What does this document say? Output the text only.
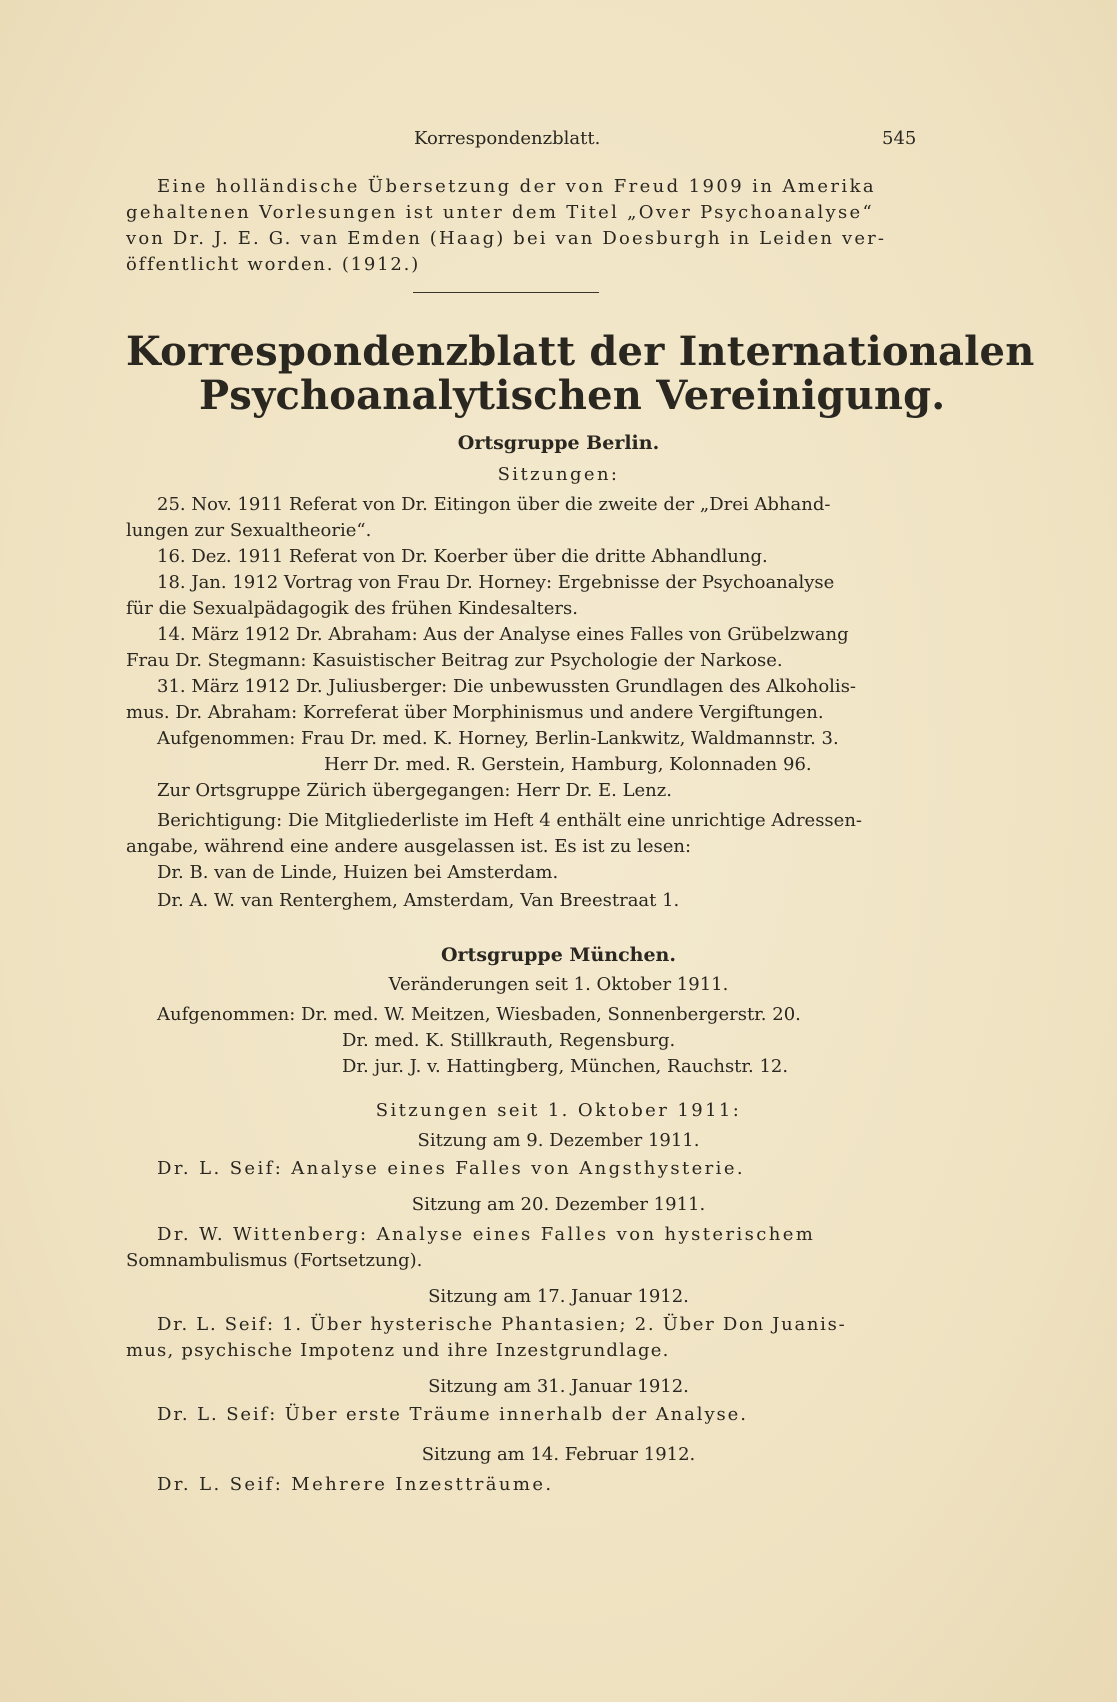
Korrespondenzblatt.	545
Eine holländische Übersetzung der von Freud 1909 in Amerika
gehaltenen Vorlesungen ist unter dem Titel „Over Psychoanalyse“
von Dr. J. E. G. van Emden (Haag) bei van Doesburgh in Leiden ver-
öffentlicht worden. (1912.)
Korrespondenzblatt der Internationalen
Psychoanalytischen Vereinigung.
Ortsgruppe Berlin.
Sitzungen:
25. Nov. 1911 Referat von Dr. Eitingon über die zweite der „Drei Abhand-
lungen zur Sexualtheorie“.
16. Dez. 1911 Referat von Dr. Koerber über die dritte Abhandlung.
18. Jan. 1912 Vortrag von Frau Dr. Horney: Ergebnisse der Psychoanalyse
für die Sexualpädagogik des frühen Kindesalters.
14. März 1912 Dr. Abraham: Aus der Analyse eines Falles von Grübelzwang
Frau Dr. Stegmann: Kasuistischer Beitrag zur Psychologie der Narkose.
31. März 1912 Dr. Juliusberger: Die unbewussten Grundlagen des Alkoholis-
mus. Dr. Abraham: Korreferat über Morphinismus und andere Vergiftungen.
Aufgenommen: Frau Dr. med. K. Horney, Berlin-Lankwitz, Waldmannstr. 3.
Herr Dr. med. R. Gerstein, Hamburg, Kolonnaden 96.
Zur Ortsgruppe Zürich übergegangen: Herr Dr. E. Lenz.
Berichtigung: Die Mitgliederliste im Heft 4 enthält eine unrichtige Adressen-
angabe, während eine andere ausgelassen ist. Es ist zu lesen:
Dr. B. van de Linde, Huizen bei Amsterdam.
Dr. A. W. van Renterghem, Amsterdam, Van Breestraat 1.
Ortsgruppe München.
Veränderungen seit 1. Oktober 1911.
Aufgenommen: Dr. med. W. Meitzen, Wiesbaden, Sonnenbergerstr. 20.
Dr. med. K. Stillkrauth, Regensburg.
Dr. jur. J. v. Hattingberg, München, Rauchstr. 12.
Sitzungen seit 1. Oktober 1911:
Sitzung am 9. Dezember 1911.
Dr. L. Seif: Analyse eines Falles von Angsthysterie.
Sitzung am 20. Dezember 1911.
Dr. W. Wittenberg: Analyse eines Falles von hysterischem
Somnambulismus (Fortsetzung).
Sitzung am 17. Januar 1912.
Dr. L. Seif: 1. Über hysterische Phantasien; 2. Über Don Juanis-
mus, psychische Impotenz und ihre Inzestgrundlage.
Sitzung am 31. Januar 1912.
Dr. L. Seif: Über erste Träume innerhalb der Analyse.
Sitzung am 14. Februar 1912.
Dr. L. Seif: Mehrere Inzestträume.
